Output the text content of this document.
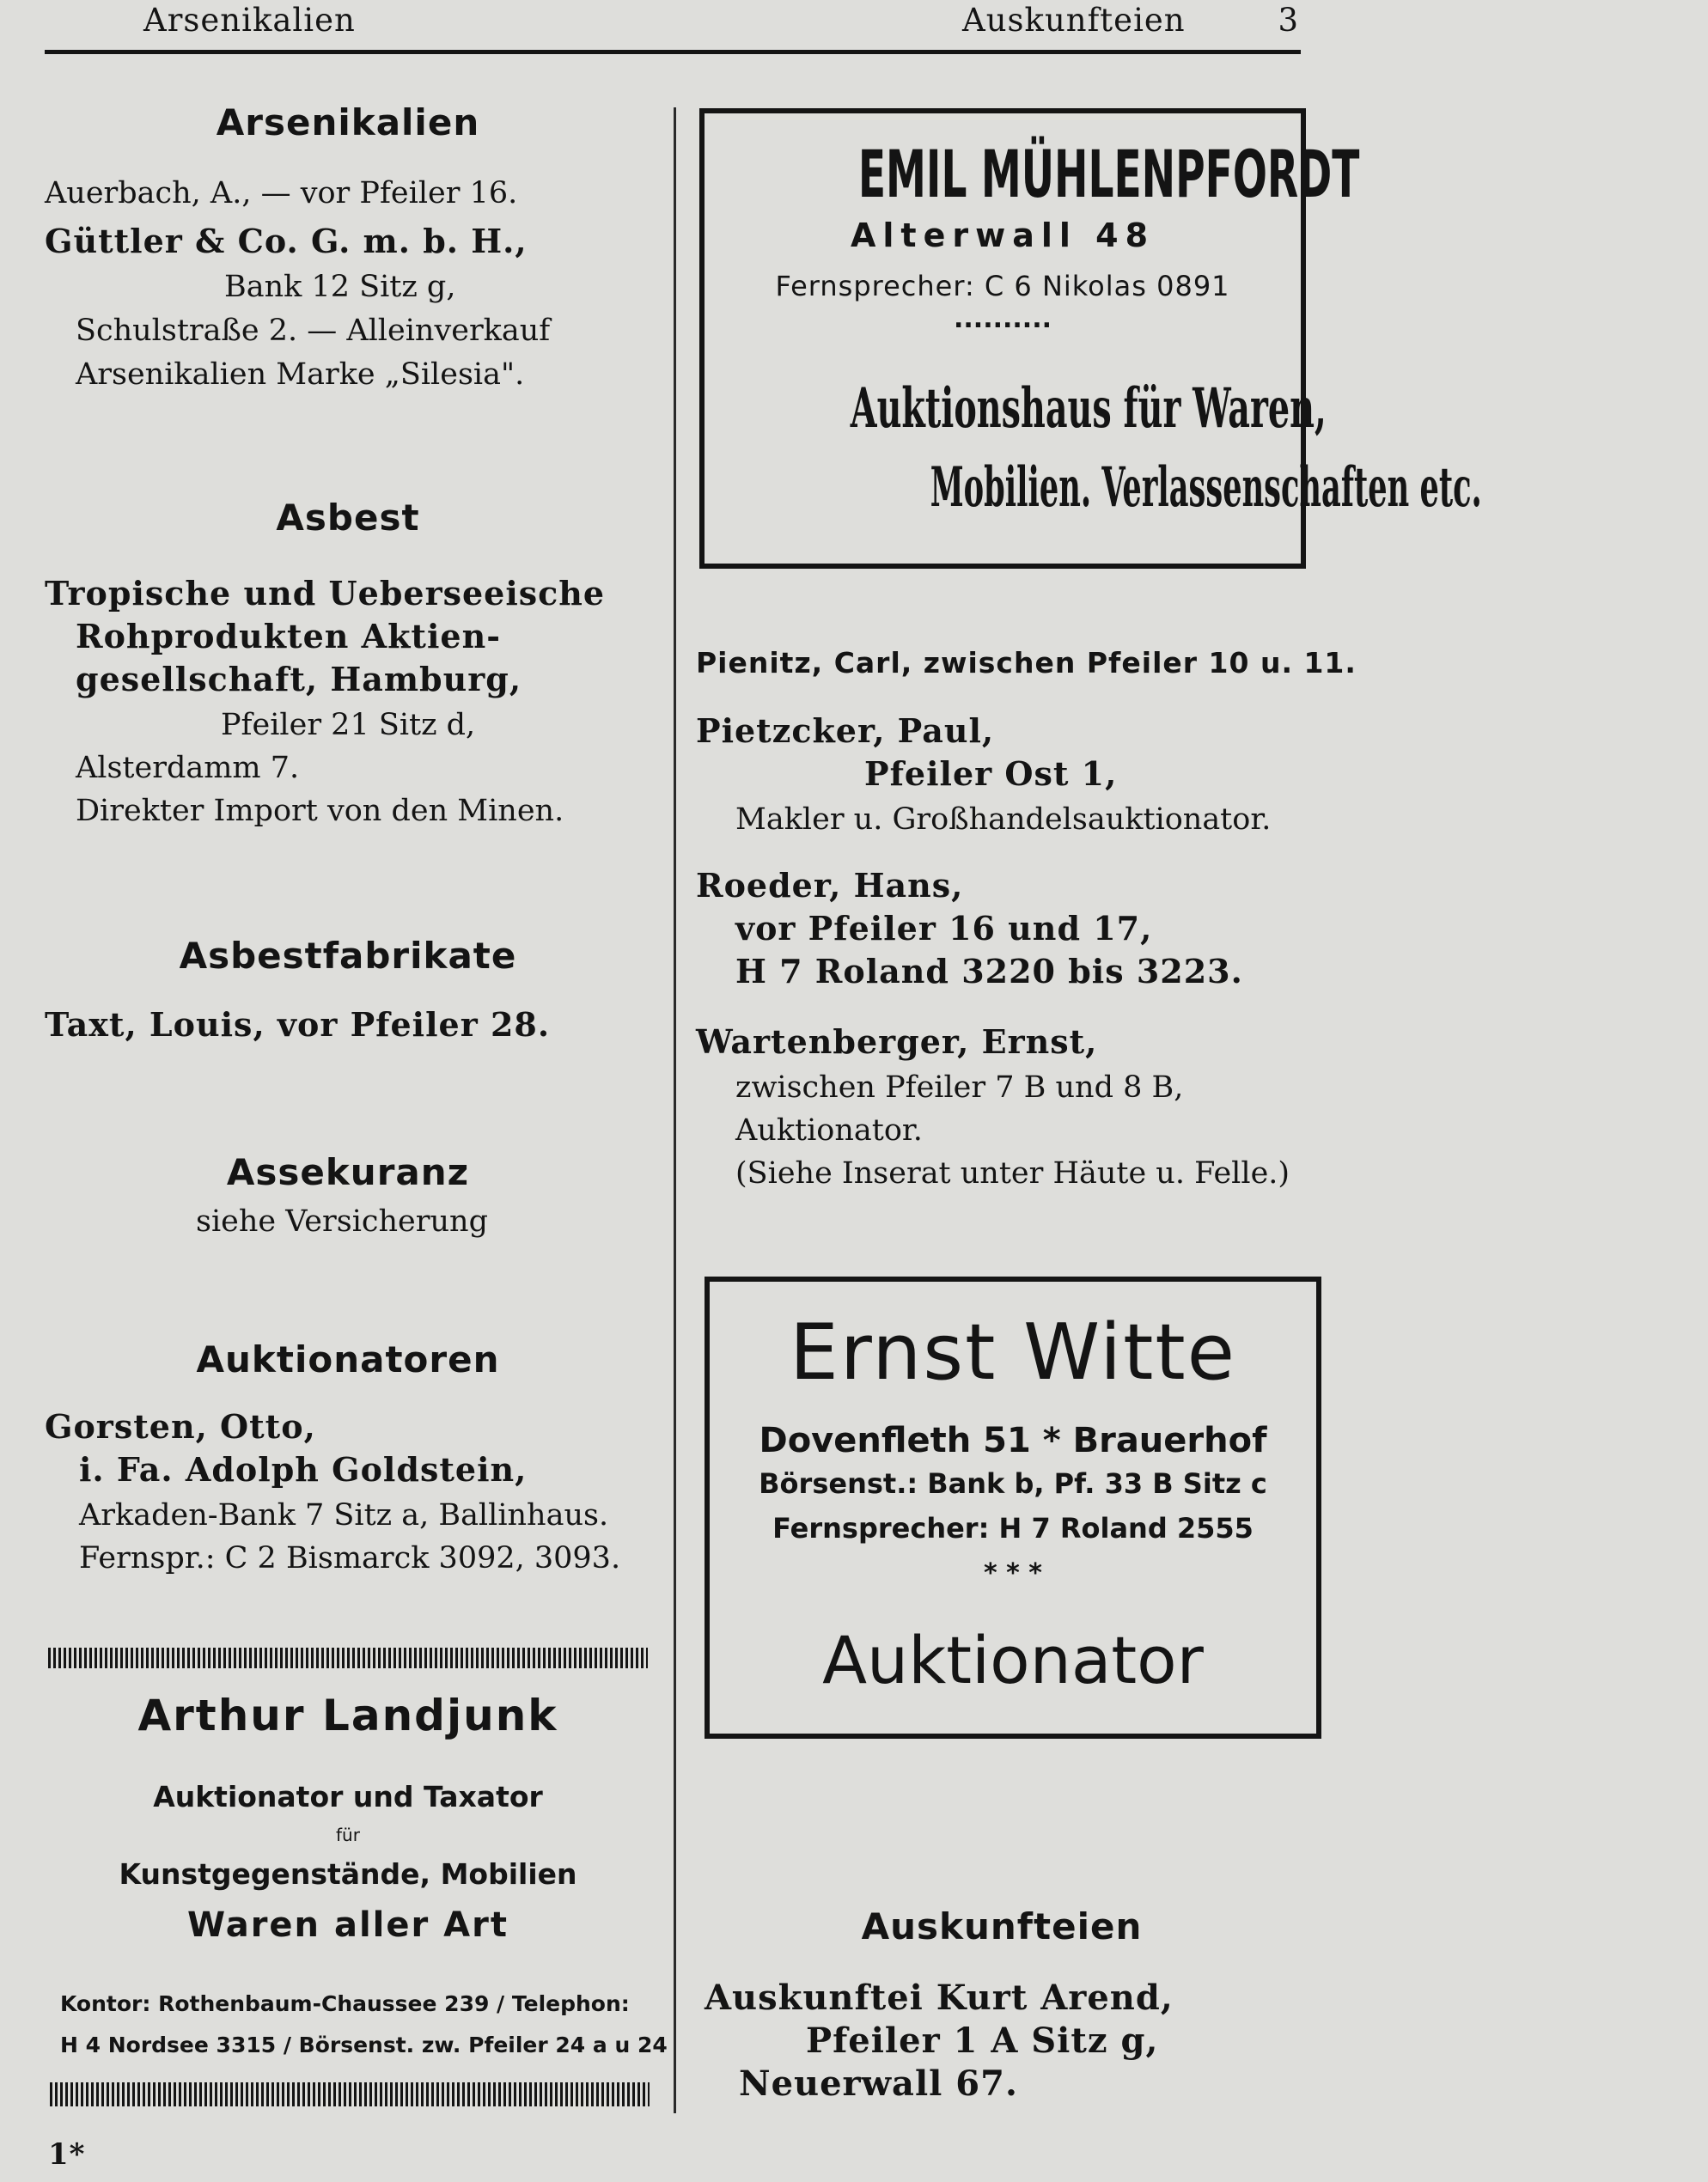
Arsenikalien	Auskunfteien	3
Arsenikalien
Auerbach, A., — vor Pfeiler 16.
Güttler & Co. G. m. b. H.,
Bank 12 Sitz g,
Schulstraße 2. — Alleinverkauf
Arsenikalien Marke „Silesia".
Asbest
Tropische und Ueberseeische
Rohprodukten Aktien-
gesellschaft, Hamburg,
Pfeiler 21 Sitz d,
Alsterdamm 7.
Direkter Import von den Minen.
Asbestfabrikate
Taxt, Louis, vor Pfeiler 28.
Assekuranz
siehe Versicherung
Auktionatoren
Gorsten, Otto,
i. Fa. Adolph Goldstein,
Arkaden-Bank 7 Sitz a, Ballinhaus.
Fernspr.: C 2 Bismarck 3092, 3093.
Arthur Landjunk
Auktionator und Taxator
für
Kunstgegenstände, Mobilien
Waren aller Art
Kontor: Rothenbaum-Chaussee 239 / Telephon:
H 4 Nordsee 3315 / Börsenst. zw. Pfeiler 24 a u 24
1*
EMIL MÜHLENPFORDT
Alterwall 48
Fernsprecher: C 6 Nikolas 0891
..........
Auktionshaus für Waren,
Mobilien. Verlassenschaften etc.
Pienitz, Carl, zwischen Pfeiler 10 u. 11.
Pietzcker, Paul,
Pfeiler Ost 1,
Makler u. Großhandelsauktionator.
Roeder, Hans,
vor Pfeiler 16 und 17,
H 7 Roland 3220 bis 3223.
Wartenberger, Ernst,
zwischen Pfeiler 7 B und 8 B,
Auktionator.
(Siehe Inserat unter Häute u. Felle.)
Ernst Witte
Dovenfleth 51 * Brauerhof
Börsenst.: Bank b, Pf. 33 B Sitz c
Fernsprecher: H 7 Roland 2555
* * *
Auktionator
Auskunfteien
Auskunftei Kurt Arend,
Pfeiler 1 A Sitz g,
Neuerwall 67.
